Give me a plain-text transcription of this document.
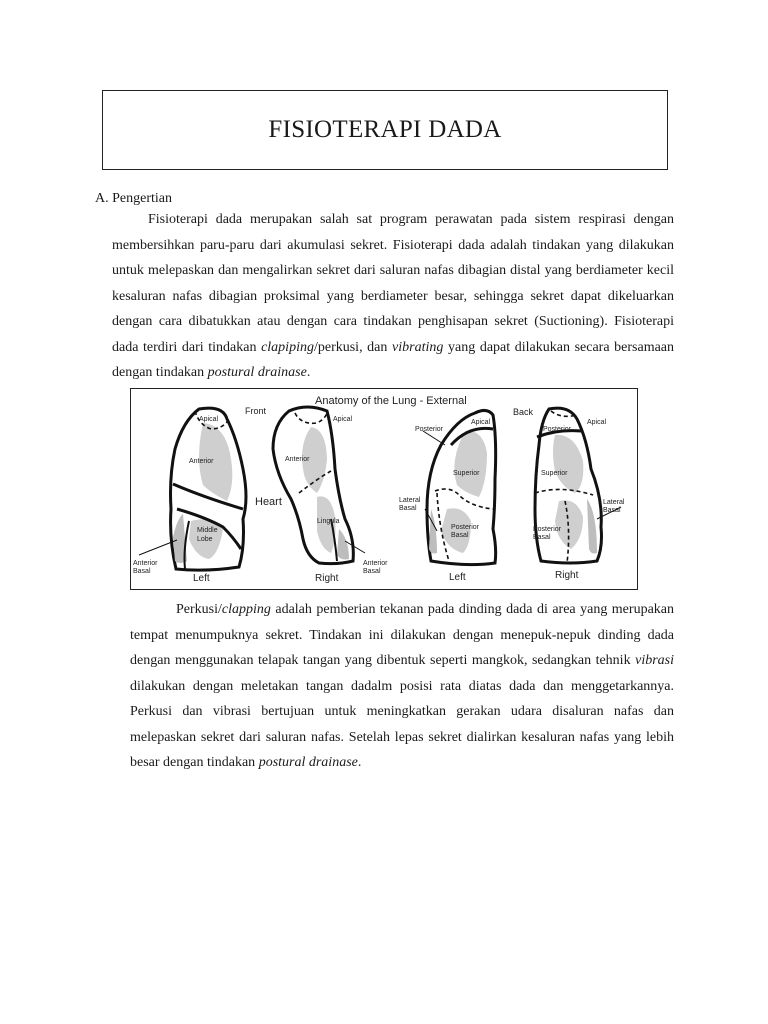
FISIOTERAPI DADA
A. Pengertian

Fisioterapi dada merupakan salah sat program perawatan pada sistem respirasi dengan membersihkan paru-paru dari akumulasi sekret. Fisioterapi dada adalah tindakan yang dilakukan untuk melepaskan dan mengalirkan sekret dari saluran nafas dibagian distal yang berdiameter kecil kesaluran nafas dibagian proksimal yang berdiameter besar, sehingga sekret dapat dikeluarkan dengan cara dibatukkan atau dengan cara tindakan penghisapan sekret (Suctioning). Fisioterapi dada terdiri dari tindakan clapiping/perkusi, dan vibrating yang dapat dilakukan secara bersamaan dengan tindakan postural drainase.

Anatomy of the Lung - External
Front	Back
Heart
Apical
Anterior
Middle
Lobe
Anterior
Basal
Left
Apical
Anterior
Lingula
Anterior
Basal
Right
Posterior
Apical
Superior
Lateral
Basal
Posterior
Basal
Left
Apical
Posterior
Superior
Lateral
Basal
Posterior
Basal
Right

Perkusi/clapping adalah pemberian tekanan pada dinding dada di area yang merupakan tempat menumpuknya sekret. Tindakan ini dilakukan dengan menepuk-nepuk dinding dada dengan menggunakan telapak tangan yang dibentuk seperti mangkok, sedangkan tehnik vibrasi dilakukan dengan meletakan tangan dadalm posisi rata diatas dada dan menggetarkannya. Perkusi dan vibrasi bertujuan untuk meningkatkan gerakan udara disaluran nafas dan melepaskan sekret dari saluran nafas. Setelah lepas sekret dialirkan kesaluran nafas yang lebih besar dengan tindakan postural drainase.
